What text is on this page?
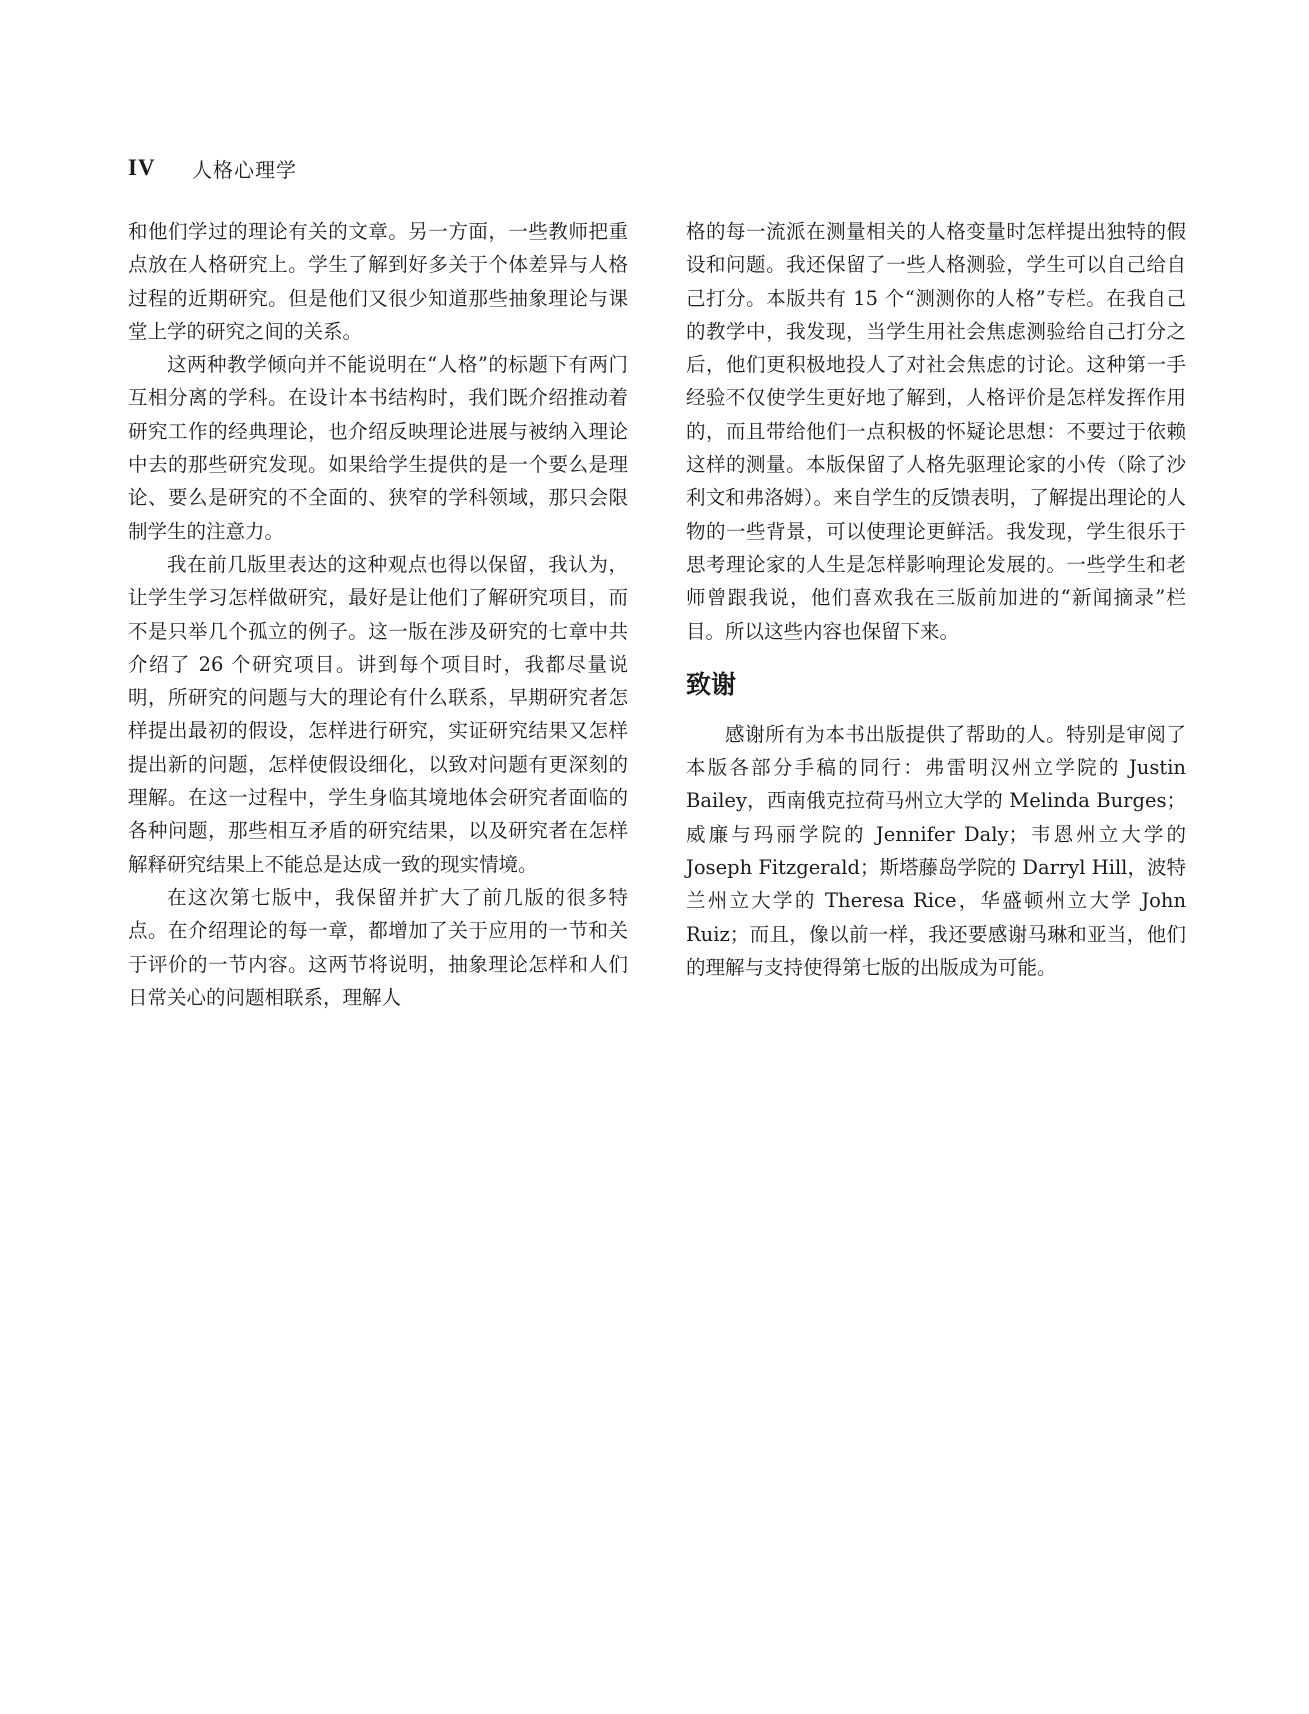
IV	人格心理学

和他们学过的理论有关的文章。另一方面，一些教师把重点放在人格研究上。学生了解到好多关于个体差异与人格过程的近期研究。但是他们又很少知道那些抽象理论与课堂上学的研究之间的关系。

这两种教学倾向并不能说明在“人格”的标题下有两门互相分离的学科。在设计本书结构时，我们既介绍推动着研究工作的经典理论，也介绍反映理论进展与被纳入理论中去的那些研究发现。如果给学生提供的是一个要么是理论、要么是研究的不全面的、狭窄的学科领域，那只会限制学生的注意力。

我在前几版里表达的这种观点也得以保留，我认为，让学生学习怎样做研究，最好是让他们了解研究项目，而不是只举几个孤立的例子。这一版在涉及研究的七章中共介绍了 26 个研究项目。讲到每个项目时，我都尽量说明，所研究的问题与大的理论有什么联系，早期研究者怎样提出最初的假设，怎样进行研究，实证研究结果又怎样提出新的问题，怎样使假设细化，以致对问题有更深刻的理解。在这一过程中，学生身临其境地体会研究者面临的各种问题，那些相互矛盾的研究结果，以及研究者在怎样解释研究结果上不能总是达成一致的现实情境。

在这次第七版中，我保留并扩大了前几版的很多特点。在介绍理论的每一章，都增加了关于应用的一节和关于评价的一节内容。这两节将说明，抽象理论怎样和人们日常关心的问题相联系，理解人

格的每一流派在测量相关的人格变量时怎样提出独特的假设和问题。我还保留了一些人格测验，学生可以自己给自己打分。本版共有 15 个“测测你的人格”专栏。在我自己的教学中，我发现，当学生用社会焦虑测验给自己打分之后，他们更积极地投人了对社会焦虑的讨论。这种第一手经验不仅使学生更好地了解到，人格评价是怎样发挥作用的，而且带给他们一点积极的怀疑论思想：不要过于依赖这样的测量。本版保留了人格先驱理论家的小传（除了沙利文和弗洛姆）。来自学生的反馈表明，了解提出理论的人物的一些背景，可以使理论更鲜活。我发现，学生很乐于思考理论家的人生是怎样影响理论发展的。一些学生和老师曾跟我说，他们喜欢我在三版前加进的“新闻摘录”栏目。所以这些内容也保留下来。

致谢

感谢所有为本书出版提供了帮助的人。特别是审阅了本版各部分手稿的同行：弗雷明汉州立学院的 Justin Bailey，西南俄克拉荷马州立大学的 Melinda Burges；威廉与玛丽学院的 Jennifer Daly；韦恩州立大学的 Joseph Fitzgerald；斯塔藤岛学院的 Darryl Hill，波特兰州立大学的 Theresa Rice，华盛顿州立大学 John Ruiz；而且，像以前一样，我还要感谢马琳和亚当，他们的理解与支持使得第七版的出版成为可能。
